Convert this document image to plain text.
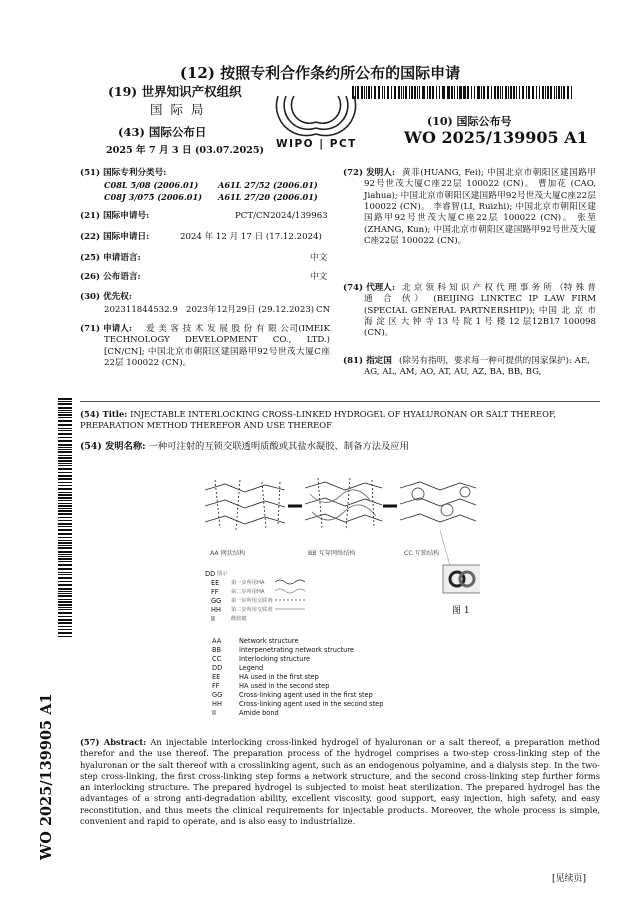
(12) 按照专利合作条约所公布的国际申请
(19) 世界知识产权组织
国 际 局
(43) 国际公布日
2025 年 7 月 3 日 (03.07.2025)
WIPO | PCT
(10) 国际公布号
WO 2025/139905 A1
(51) 国际专利分类号:
C08L 5/08 (2006.01) A61L 27/52 (2006.01)
C08J 3/075 (2006.01) A61L 27/20 (2006.01)
(21) 国际申请号:	PCT/CN2024/139963
(22) 国际申请日:	2024 年 12 月 17 日 (17.12.2024)
(25) 申请语言:	中文
(26) 公布语言:	中文
(30) 优先权:
202311844532.9 2023年12月29日 (29.12.2023) CN
(71) 申请人:	爱 美 客 技 术 发 展 股 份 有 限 公司(IMEIK TECHNOLOGY DEVELOPMENT CO., LTD.) [CN/CN]; 中国北京市朝阳区建国路甲92号世茂大厦C座22层 100022 (CN)。
(72) 发明人: 黄菲(HUANG, Fei); 中国北京市朝阳区建国路甲92号世茂大厦C座22层 100022 (CN)。 曹加花 (CAO, Jiahua); 中国北京市朝阳区建国路甲92号世茂大厦C座22层 100022 (CN)。 李睿智(LI, Ruizhi); 中国北京市朝阳区建国路甲92号世茂大厦C座22层 100022 (CN)。 张堃 (ZHANG, Kun); 中国北京市朝阳区建国路甲92号世茂大厦C座22层 100022 (CN)。
(74) 代理人: 北 京 领 科 知 识 产 权 代 理 事 务 所 （特 殊 普 通 合 伙） (BEIJING LINKTEC IP LAW FIRM (SPECIAL GENERAL PARTNERSHIP)); 中国 北 京 市 海 淀 区 大 钟 寺 13 号 院 1 号 楼 12 层12B17 100098 (CN)。
(81) 指定国 (除另有指明，要求每一种可提供的国家保护): AE, AG, AL, AM, AO, AT, AU, AZ, BA, BB, BG,
WO 2025/139905 A1
(54) Title: INJECTABLE INTERLOCKING CROSS-LINKED HYDROGEL OF HYALURONAN OR SALT THEREOF, PREPARATION METHOD THEREFOR AND USE THEREOF
(54) 发明名称: 一种可注射的互锁交联透明质酸或其盐水凝胶、制备方法及应用
AA 网状结构	BB 互穿网络结构	CC 互锁结构
DD 图示
EE 第一步所用HA
FF 第二步所用HA
GG 第一步所用交联剂
HH 第二步所用交联剂
II	酰胺键
图 1
AA	Network structure
BB	Interpenetrating network structure
CC	Interlocking structure
DD	Legend
EE	HA used in the first step
FF	HA used in the second step
GG	Cross-linking agent used in the first step
HH	Cross-linking agent used in the second step
II	Amide bond
(57) Abstract: An injectable interlocking cross-linked hydrogel of hyaluronan or a salt thereof, a preparation method therefor and the use thereof. The preparation process of the hydrogel comprises a two-step cross-linking step of the hyaluronan or the salt thereof with a crosslinking agent, such as an endogenous polyamine, and a dialysis step. In the two-step cross-linking, the first cross-linking step forms a network structure, and the second cross-linking step further forms an interlocking structure. The prepared hydrogel is subjected to moist heat sterilization. The prepared hydrogel has the advantages of a strong anti-degradation ability, excellent viscosity, good support, easy injection, high safety, and easy reconstitution, and thus meets the clinical requirements for injectable products. Moreover, the whole process is simple, convenient and rapid to operate, and is also easy to industrialize.
[见续页]
